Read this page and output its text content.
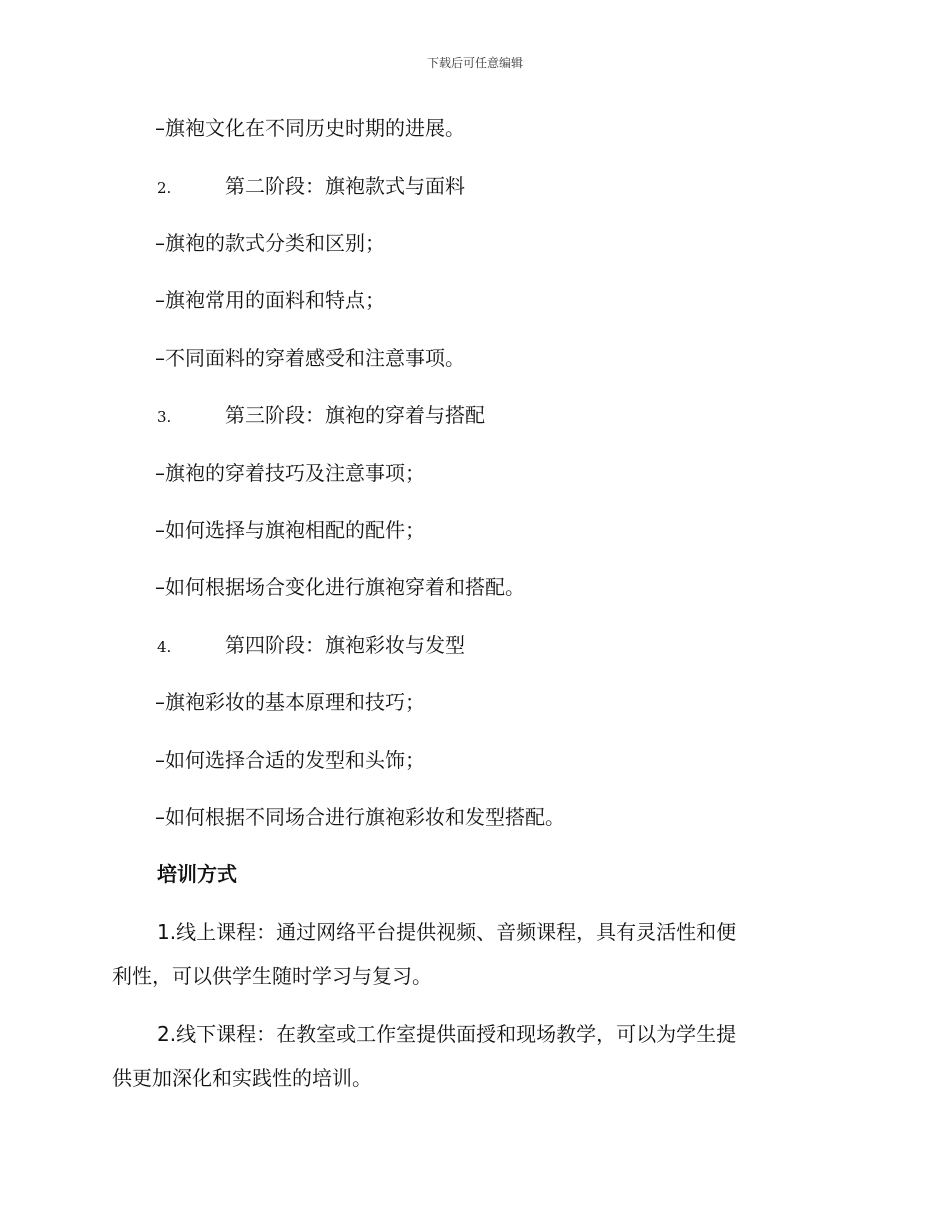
下载后可任意编辑
–旗袍文化在不同历史时期的进展。
2.	第二阶段：旗袍款式与面料
–旗袍的款式分类和区别；
–旗袍常用的面料和特点；
–不同面料的穿着感受和注意事项。
3.	第三阶段：旗袍的穿着与搭配
–旗袍的穿着技巧及注意事项；
–如何选择与旗袍相配的配件；
–如何根据场合变化进行旗袍穿着和搭配。
4.	第四阶段：旗袍彩妆与发型
–旗袍彩妆的基本原理和技巧；
–如何选择合适的发型和头饰；
–如何根据不同场合进行旗袍彩妆和发型搭配。
培训方式
1.线上课程：通过网络平台提供视频、音频课程，具有灵活性和便
利性，可以供学生随时学习与复习。
2.线下课程：在教室或工作室提供面授和现场教学，可以为学生提
供更加深化和实践性的培训。
